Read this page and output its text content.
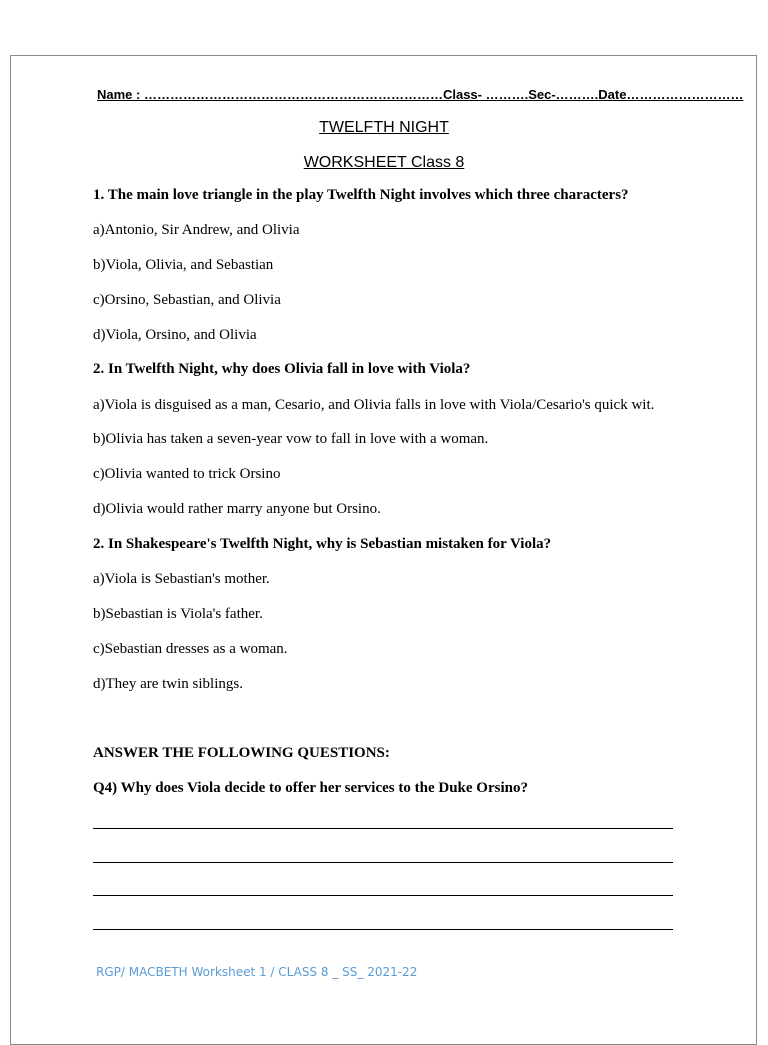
Name : ……………………………………………………………Class- ……….Sec-……….Date………………………
TWELFTH NIGHT
WORKSHEET Class 8
1. The main love triangle in the play Twelfth Night involves which three characters?
a)Antonio, Sir Andrew, and Olivia
b)Viola, Olivia, and Sebastian
c)Orsino, Sebastian, and Olivia
d)Viola, Orsino, and Olivia
2. In Twelfth Night, why does Olivia fall in love with Viola?
a)Viola is disguised as a man, Cesario, and Olivia falls in love with Viola/Cesario's quick wit.
b)Olivia has taken a seven-year vow to fall in love with a woman.
c)Olivia wanted to trick Orsino
d)Olivia would rather marry anyone but Orsino.
2. In Shakespeare's Twelfth Night, why is Sebastian mistaken for Viola?
a)Viola is Sebastian's mother.
b)Sebastian is Viola's father.
c)Sebastian dresses as a woman.
d)They are twin siblings.
ANSWER THE FOLLOWING QUESTIONS:
Q4) Why does Viola decide to offer her services to the Duke Orsino?
RGP/ MACBETH Worksheet 1 / CLASS 8 _ SS_ 2021-22
